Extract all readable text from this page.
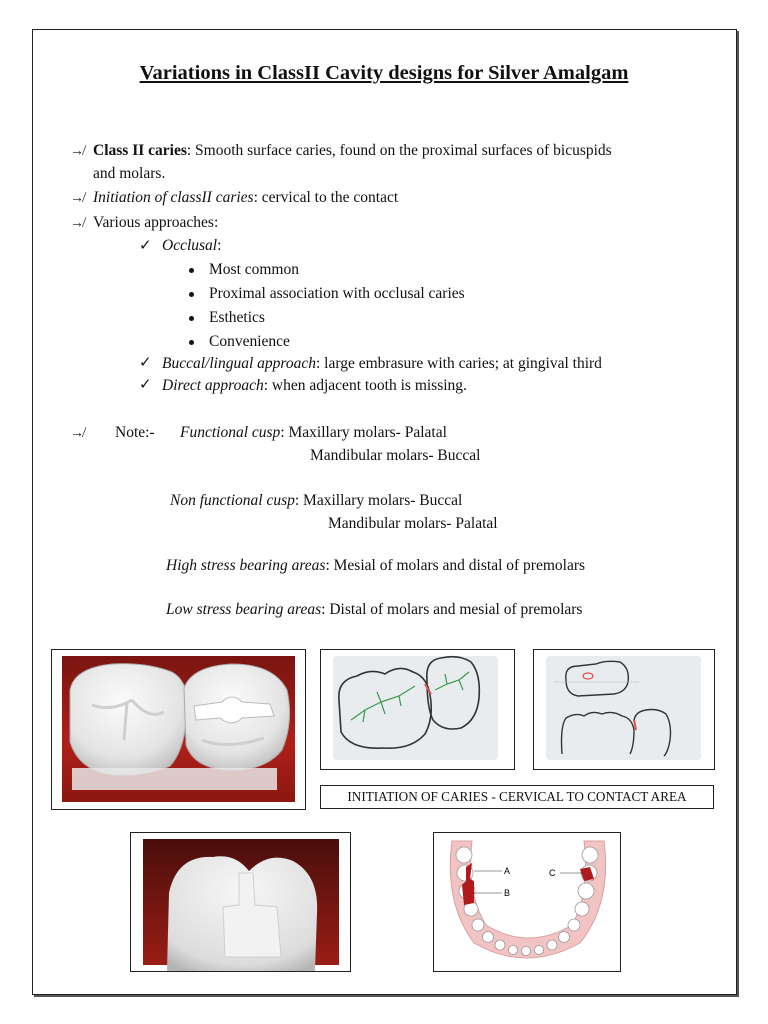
Variations in ClassII Cavity designs for Silver Amalgam
↛ Class II caries: Smooth surface caries, found on the proximal surfaces of bicuspids
and molars.
↛ Initiation of classII caries: cervical to the contact
↛ Various approaches:
✓ Occlusal:
Most common
Proximal association with occlusal caries
Esthetics
Convenience
✓ Buccal/lingual approach: large embrasure with caries; at gingival third
✓ Direct approach: when adjacent tooth is missing.
↛ Note:- Functional cusp: Maxillary molars- Palatal
Mandibular molars- Buccal
Non functional cusp: Maxillary molars- Buccal
Mandibular molars- Palatal
High stress bearing areas: Mesial of molars and distal of premolars
Low stress bearing areas: Distal of molars and mesial of premolars
INITIATION OF CARIES - CERVICAL TO CONTACT AREA
A
B
C
